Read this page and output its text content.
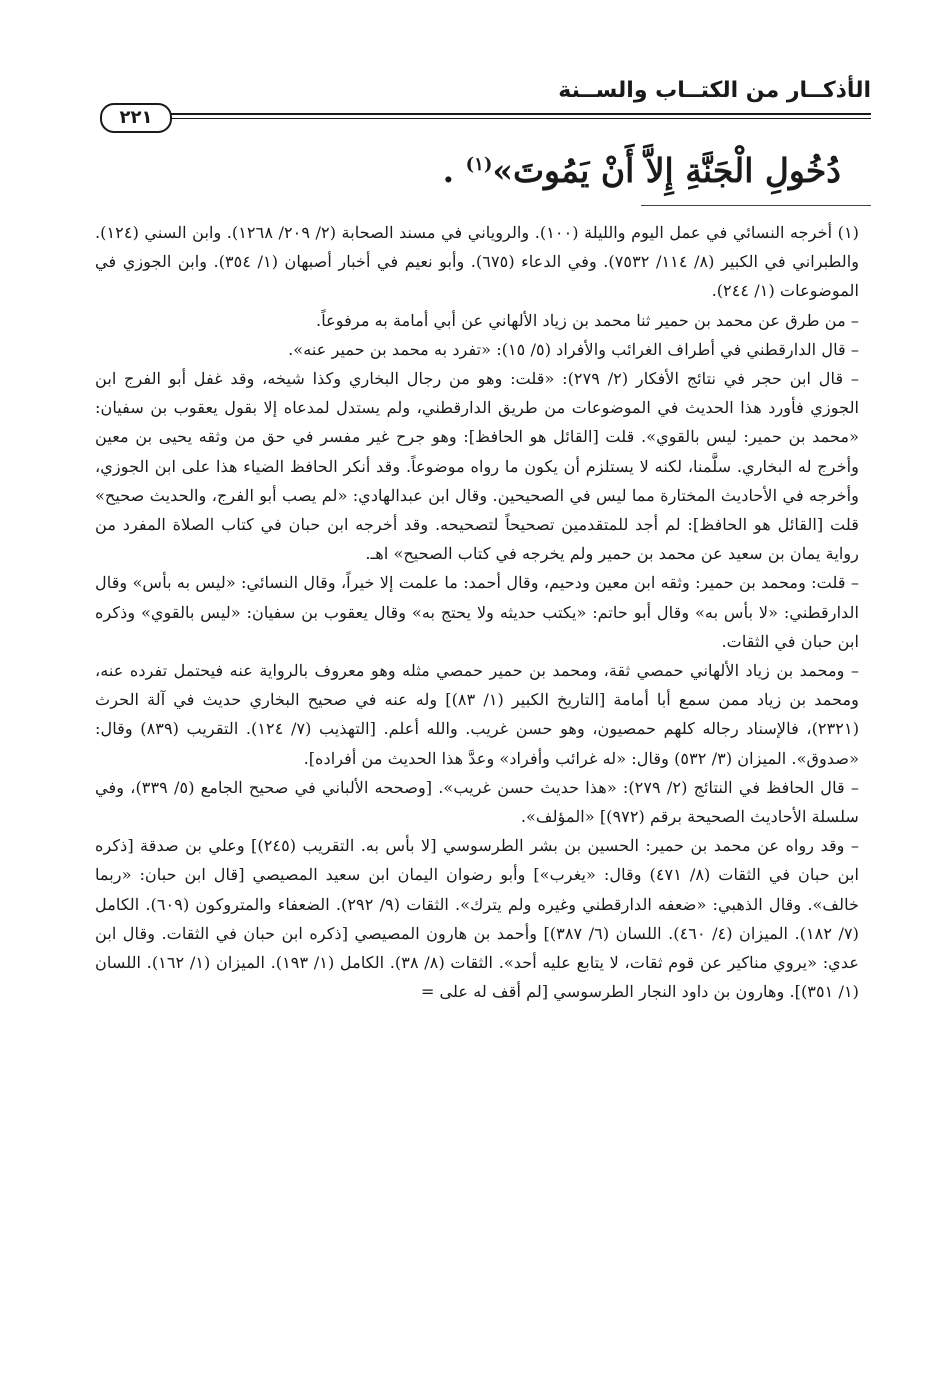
الأذكــار من الكتــاب والســنة
٢٢١
دُخُولِ الْجَنَّةِ إِلاَّ أَنْ يَمُوتَ»$^{(١)}$ .

(١) أخرجه النسائي في عمل اليوم والليلة (١٠٠). والروياني في مسند الصحابة (٢/ ٢٠٩/ ١٢٦٨). وابن السني (١٢٤). والطبراني في الكبير (٨/ ١١٤/ ٧٥٣٢). وفي الدعاء (٦٧٥). وأبو نعيم في أخبار أصبهان (١/ ٣٥٤). وابن الجوزي في الموضوعات (١/ ٢٤٤).

– من طرق عن محمد بن حمير ثنا محمد بن زياد الألهاني عن أبي أمامة به مرفوعاً.

– قال الدارقطني في أطراف الغرائب والأفراد (٥/ ١٥): «تفرد به محمد بن حمير عنه».

– قال ابن حجر في نتائج الأفكار (٢/ ٢٧٩): «قلت: وهو من رجال البخاري وكذا شيخه، وقد غفل أبو الفرج ابن الجوزي فأورد هذا الحديث في الموضوعات من طريق الدارقطني، ولم يستدل لمدعاه إلا بقول يعقوب بن سفيان: «محمد بن حمير: ليس بالقوي». قلت [القائل هو الحافظ]: وهو جرح غير مفسر في حق من وثقه يحيى بن معين وأخرج له البخاري. سلَّمنا، لكنه لا يستلزم أن يكون ما رواه موضوعاً. وقد أنكر الحافظ الضياء هذا على ابن الجوزي، وأخرجه في الأحاديث المختارة مما ليس في الصحيحين. وقال ابن عبدالهادي: «لم يصب أبو الفرج، والحديث صحيح» قلت [القائل هو الحافظ]: لم أجد للمتقدمين تصحيحاً لتصحيحه. وقد أخرجه ابن حبان في كتاب الصلاة المفرد من رواية يمان بن سعيد عن محمد بن حمير ولم يخرجه في كتاب الصحيح» اهـ.

– قلت: ومحمد بن حمير: وثقه ابن معين ودحيم، وقال أحمد: ما علمت إلا خيراً، وقال النسائي: «ليس به بأس» وقال الدارقطني: «لا بأس به» وقال أبو حاتم: «يكتب حديثه ولا يحتج به» وقال يعقوب بن سفيان: «ليس بالقوي» وذكره ابن حبان في الثقات.

– ومحمد بن زياد الألهاني حمصي ثقة، ومحمد بن حمير حمصي مثله وهو معروف بالرواية عنه فيحتمل تفرده عنه، ومحمد بن زياد ممن سمع أبا أمامة [التاريخ الكبير (١/ ٨٣)] وله عنه في صحيح البخاري حديث في آلة الحرث (٢٣٢١)، فالإسناد رجاله كلهم حمصيون، وهو حسن غريب. والله أعلم. [التهذيب (٧/ ١٢٤). التقريب (٨٣٩) وقال: «صدوق». الميزان (٣/ ٥٣٢) وقال: «له غرائب وأفراد» وعدَّ هذا الحديث من أفراده].

– قال الحافظ في النتائج (٢/ ٢٧٩): «هذا حديث حسن غريب». [وصححه الألباني في صحيح الجامع (٥/ ٣٣٩)، وفي سلسلة الأحاديث الصحيحة برقم (٩٧٢)] «المؤلف».

– وقد رواه عن محمد بن حمير: الحسين بن بشر الطرسوسي [لا بأس به. التقريب (٢٤٥)] وعلي بن صدقة [ذكره ابن حبان في الثقات (٨/ ٤٧١) وقال: «يغرب»] وأبو رضوان اليمان ابن سعيد المصيصي [قال ابن حبان: «ربما خالف». وقال الذهبي: «ضعفه الدارقطني وغيره ولم يترك». الثقات (٩/ ٢٩٢). الضعفاء والمتروكون (٦٠٩). الكامل (٧/ ١٨٢). الميزان (٤/ ٤٦٠). اللسان (٦/ ٣٨٧)] وأحمد بن هارون المصيصي [ذكره ابن حبان في الثقات. وقال ابن عدي: «يروي مناكير عن قوم ثقات، لا يتابع عليه أحد». الثقات (٨/ ٣٨). الكامل (١/ ١٩٣). الميزان (١/ ١٦٢). اللسان (١/ ٣٥١)]. وهارون بن داود النجار الطرسوسي [لم أقف له على =
